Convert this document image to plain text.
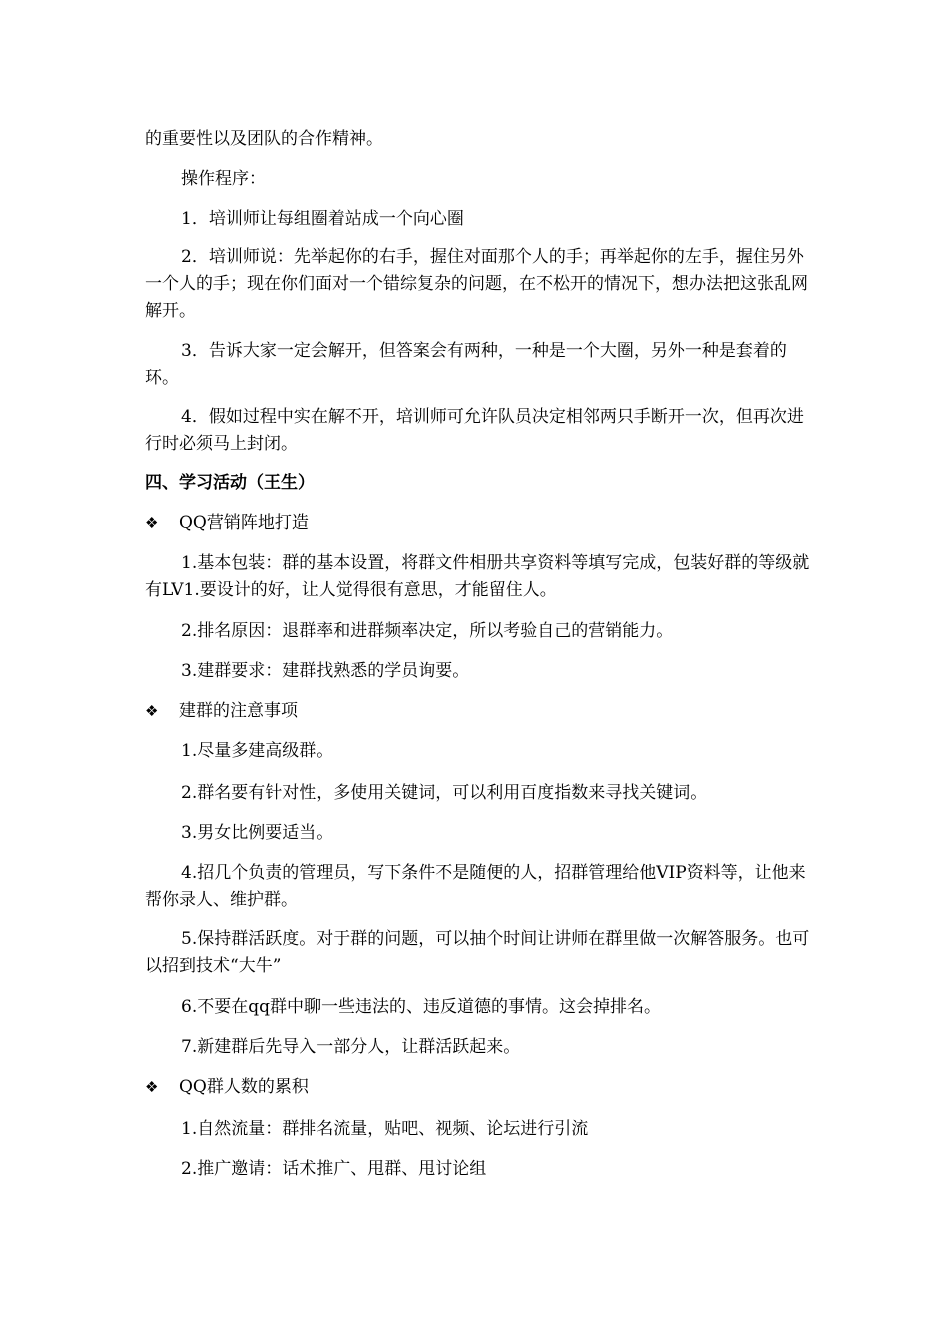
的重要性以及团队的合作精神。
操作程序：
1．培训师让每组圈着站成一个向心圈
2．培训师说：先举起你的右手，握住对面那个人的手；再举起你的左手，握住另外一个人的手；现在你们面对一个错综复杂的问题，在不松开的情况下，想办法把这张乱网解开。
3．告诉大家一定会解开，但答案会有两种，一种是一个大圈，另外一种是套着的环。
4．假如过程中实在解不开，培训师可允许队员决定相邻两只手断开一次，但再次进行时必须马上封闭。
四、学习活动（王生）
❖ QQ营销阵地打造
1.基本包装：群的基本设置，将群文件相册共享资料等填写完成，包装好群的等级就有LV1.要设计的好，让人觉得很有意思，才能留住人。
2.排名原因：退群率和进群频率决定，所以考验自己的营销能力。
3.建群要求：建群找熟悉的学员询要。
❖ 建群的注意事项
1.尽量多建高级群。
2.群名要有针对性，多使用关键词，可以利用百度指数来寻找关键词。
3.男女比例要适当。
4.招几个负责的管理员，写下条件不是随便的人，招群管理给他VIP资料等，让他来帮你录人、维护群。
5.保持群活跃度。对于群的问题，可以抽个时间让讲师在群里做一次解答服务。也可以招到技术“大牛”
6.不要在qq群中聊一些违法的、违反道德的事情。这会掉排名。
7.新建群后先导入一部分人，让群活跃起来。
❖ QQ群人数的累积
1.自然流量：群排名流量，贴吧、视频、论坛进行引流
2.推广邀请：话术推广、甩群、甩讨论组
